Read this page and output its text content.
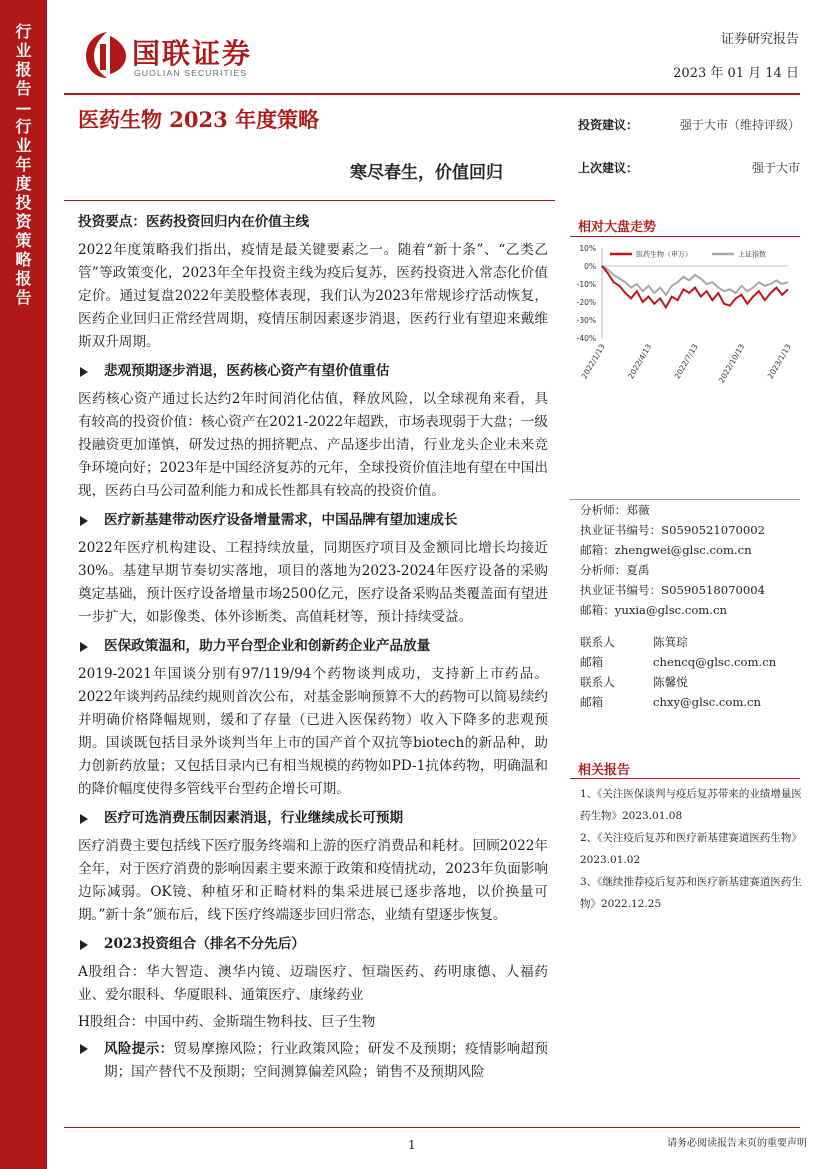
行
业
报
告
—
行
业
年
度
投
资
策
略
报
告
国联证券
GUOLIAN SECURITIES
证券研究报告
2023 年 01 月 14 日
医药生物 2023 年度策略
寒尽春生，价值回归
投资建议：	强于大市（维持评级）
上次建议：	强于大市
投资要点：医药投资回归内在价值主线

2022年度策略我们指出，疫情是最关键要素之一。随着“新十条”、“乙类乙管”等政策变化，2023年全年投资主线为疫后复苏，医药投资进入常态化价值定价。通过复盘2022年美股整体表现，我们认为2023年常规诊疗活动恢复，医药企业回归正常经营周期，疫情压制因素逐步消退，医药行业有望迎来戴维斯双升周期。

悲观预期逐步消退，医药核心资产有望价值重估

医药核心资产通过长达约2年时间消化估值，释放风险，以全球视角来看，具有较高的投资价值：核心资产在2021-2022年超跌，市场表现弱于大盘；一级投融资更加谨慎，研发过热的拥挤靶点、产品逐步出清，行业龙头企业未来竞争环境向好；2023年是中国经济复苏的元年，全球投资价值洼地有望在中国出现，医药白马公司盈利能力和成长性都具有较高的投资价值。

医疗新基建带动医疗设备增量需求，中国品牌有望加速成长

2022年医疗机构建设、工程持续放量，同期医疗项目及金额同比增长均接近30%。基建早期节奏切实落地，项目的落地为2023-2024年医疗设备的采购奠定基础，预计医疗设备增量市场2500亿元，医疗设备采购品类覆盖面有望进一步扩大，如影像类、体外诊断类、高值耗材等，预计持续受益。

医保政策温和，助力平台型企业和创新药企业产品放量

2019-2021年国谈分别有97/119/94个药物谈判成功，支持新上市药品。2022年谈判药品续约规则首次公布，对基金影响预算不大的药物可以简易续约并明确价格降幅规则，缓和了存量（已进入医保药物）收入下降多的悲观预期。国谈既包括目录外谈判当年上市的国产首个双抗等biotech的新品种，助力创新药放量；又包括目录内已有相当规模的药物如PD-1抗体药物，明确温和的降价幅度使得多管线平台型药企增长可期。

医疗可选消费压制因素消退，行业继续成长可预期

医疗消费主要包括线下医疗服务终端和上游的医疗消费品和耗材。回顾2022年全年，对于医疗消费的影响因素主要来源于政策和疫情扰动，2023年负面影响边际减弱。OK镜、种植牙和正畸材料的集采进展已逐步落地，以价换量可期。”新十条”颁布后，线下医疗终端逐步回归常态，业绩有望逐步恢复。

2023投资组合（排名不分先后）

A股组合：华大智造、澳华内镜、迈瑞医疗、恒瑞医药、药明康德、人福药业、爱尔眼科、华厦眼科、通策医疗、康缘药业

H股组合：中国中药、金斯瑞生物科技、巨子生物

风险提示：贸易摩擦风险；行业政策风险；研发不及预期；疫情影响超预期；国产替代不及预期；空间测算偏差风险；销售不及预期风险

相对大盘走势
10%
0%
-10%
-20%
-30%
-40%
医药生物（申万）	上证指数
2022/1/13	2022/4/13	2022/7/13 2022/10/13	2023/1/13
分析师： 郑薇
执业证书编号： S0590521070002
邮箱： zhengwei@glsc.com.cn
分析师： 夏禹
执业证书编号： S0590518070004
邮箱： yuxia@glsc.com.cn
联系人	陈箕琮
邮箱	chencq@glsc.com.cn
联系人	陈馨悦
邮箱	chxy@glsc.com.cn
相关报告
1、《关注医保谈判与疫后复苏带来的业绩增量医药生物》2023.01.08
2、《关注疫后复苏和医疗新基建赛道医药生物》 2023.01.02
3、《继续推荐疫后复苏和医疗新基建赛道医药生物》2022.12.25
1	请务必阅读报告末页的重要声明
